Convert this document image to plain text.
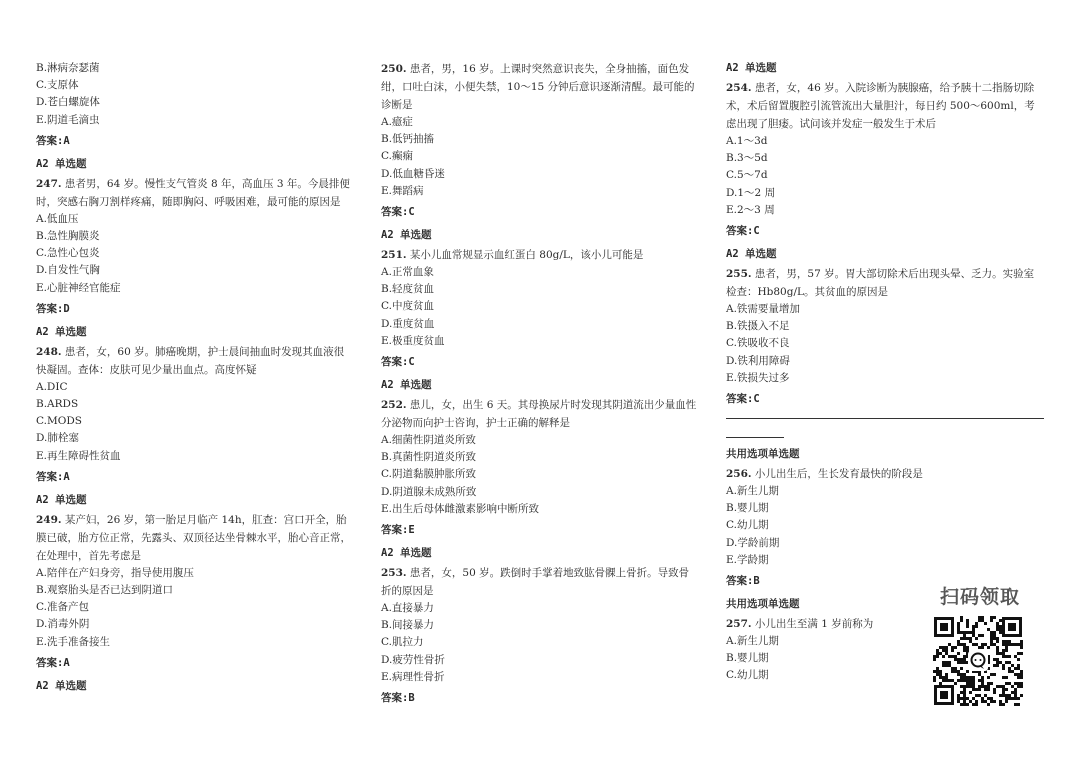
B.淋病奈瑟菌
C.支原体
D.苍白螺旋体
E.阴道毛滴虫
答案:A
A2 单选题
247. 患者男，64 岁。慢性支气管炎 8 年，高血压 3 年。今晨排便时，突感右胸刀割样疼痛，随即胸闷、呼吸困难，最可能的原因是
A.低血压
B.急性胸膜炎
C.急性心包炎
D.自发性气胸
E.心脏神经官能症
答案:D
A2 单选题
248. 患者，女，60 岁。肺癌晚期，护士晨间抽血时发现其血液很快凝固。查体：皮肤可见少量出血点。高度怀疑
A.DIC
B.ARDS
C.MODS
D.肺栓塞
E.再生障碍性贫血
答案:A
A2 单选题
249. 某产妇，26 岁，第一胎足月临产 14h，肛查：宫口开全，胎膜已破，胎方位正常，先露头、双顶径达坐骨棘水平，胎心音正常，在处理中，首先考虑是
A.陪伴在产妇身旁，指导使用腹压
B.观察胎头是否已达到阴道口
C.准备产包
D.消毒外阴
E.洗手准备接生
答案:A
A2 单选题
250. 患者，男，16 岁。上课时突然意识丧失，全身抽搐，面色发绀，口吐白沫，小便失禁，10～15 分钟后意识逐渐清醒。最可能的诊断是
A.癔症
B.低钙抽搐
C.癫痫
D.低血糖昏迷
E.舞蹈病
答案:C
A2 单选题
251. 某小儿血常规显示血红蛋白 80g/L，该小儿可能是
A.正常血象
B.轻度贫血
C.中度贫血
D.重度贫血
E.极重度贫血
答案:C
A2 单选题
252. 患儿，女，出生 6 天。其母换尿片时发现其阴道流出少量血性分泌物而向护士咨询，护士正确的解释是
A.细菌性阴道炎所致
B.真菌性阴道炎所致
C.阴道黏膜肿胀所致
D.阴道腺未成熟所致
E.出生后母体雌激素影响中断所致
答案:E
A2 单选题
253. 患者，女，50 岁。跌倒时手掌着地致肱骨髁上骨折。导致骨折的原因是
A.直接暴力
B.间接暴力
C.肌拉力
D.疲劳性骨折
E.病理性骨折
答案:B
A2 单选题
254. 患者，女，46 岁。入院诊断为胰腺癌，给予胰十二指肠切除术，术后留置腹腔引流管流出大量胆汁，每日约 500～600ml，考虑出现了胆瘘。试问该并发症一般发生于术后
A.1～3d
B.3～5d
C.5～7d
D.1～2 周
E.2～3 周
答案:C
A2 单选题
255. 患者，男，57 岁。胃大部切除术后出现头晕、乏力。实验室检查：Hb80g/L。其贫血的原因是
A.铁需要量增加
B.铁摄入不足
C.铁吸收不良
D.铁利用障碍
E.铁损失过多
答案:C
共用选项单选题
256. 小儿出生后，生长发育最快的阶段是
A.新生儿期
B.婴儿期
C.幼儿期
D.学龄前期
E.学龄期
答案:B
共用选项单选题
257. 小儿出生至满 1 岁前称为
A.新生儿期
B.婴儿期
C.幼儿期
扫码领取
